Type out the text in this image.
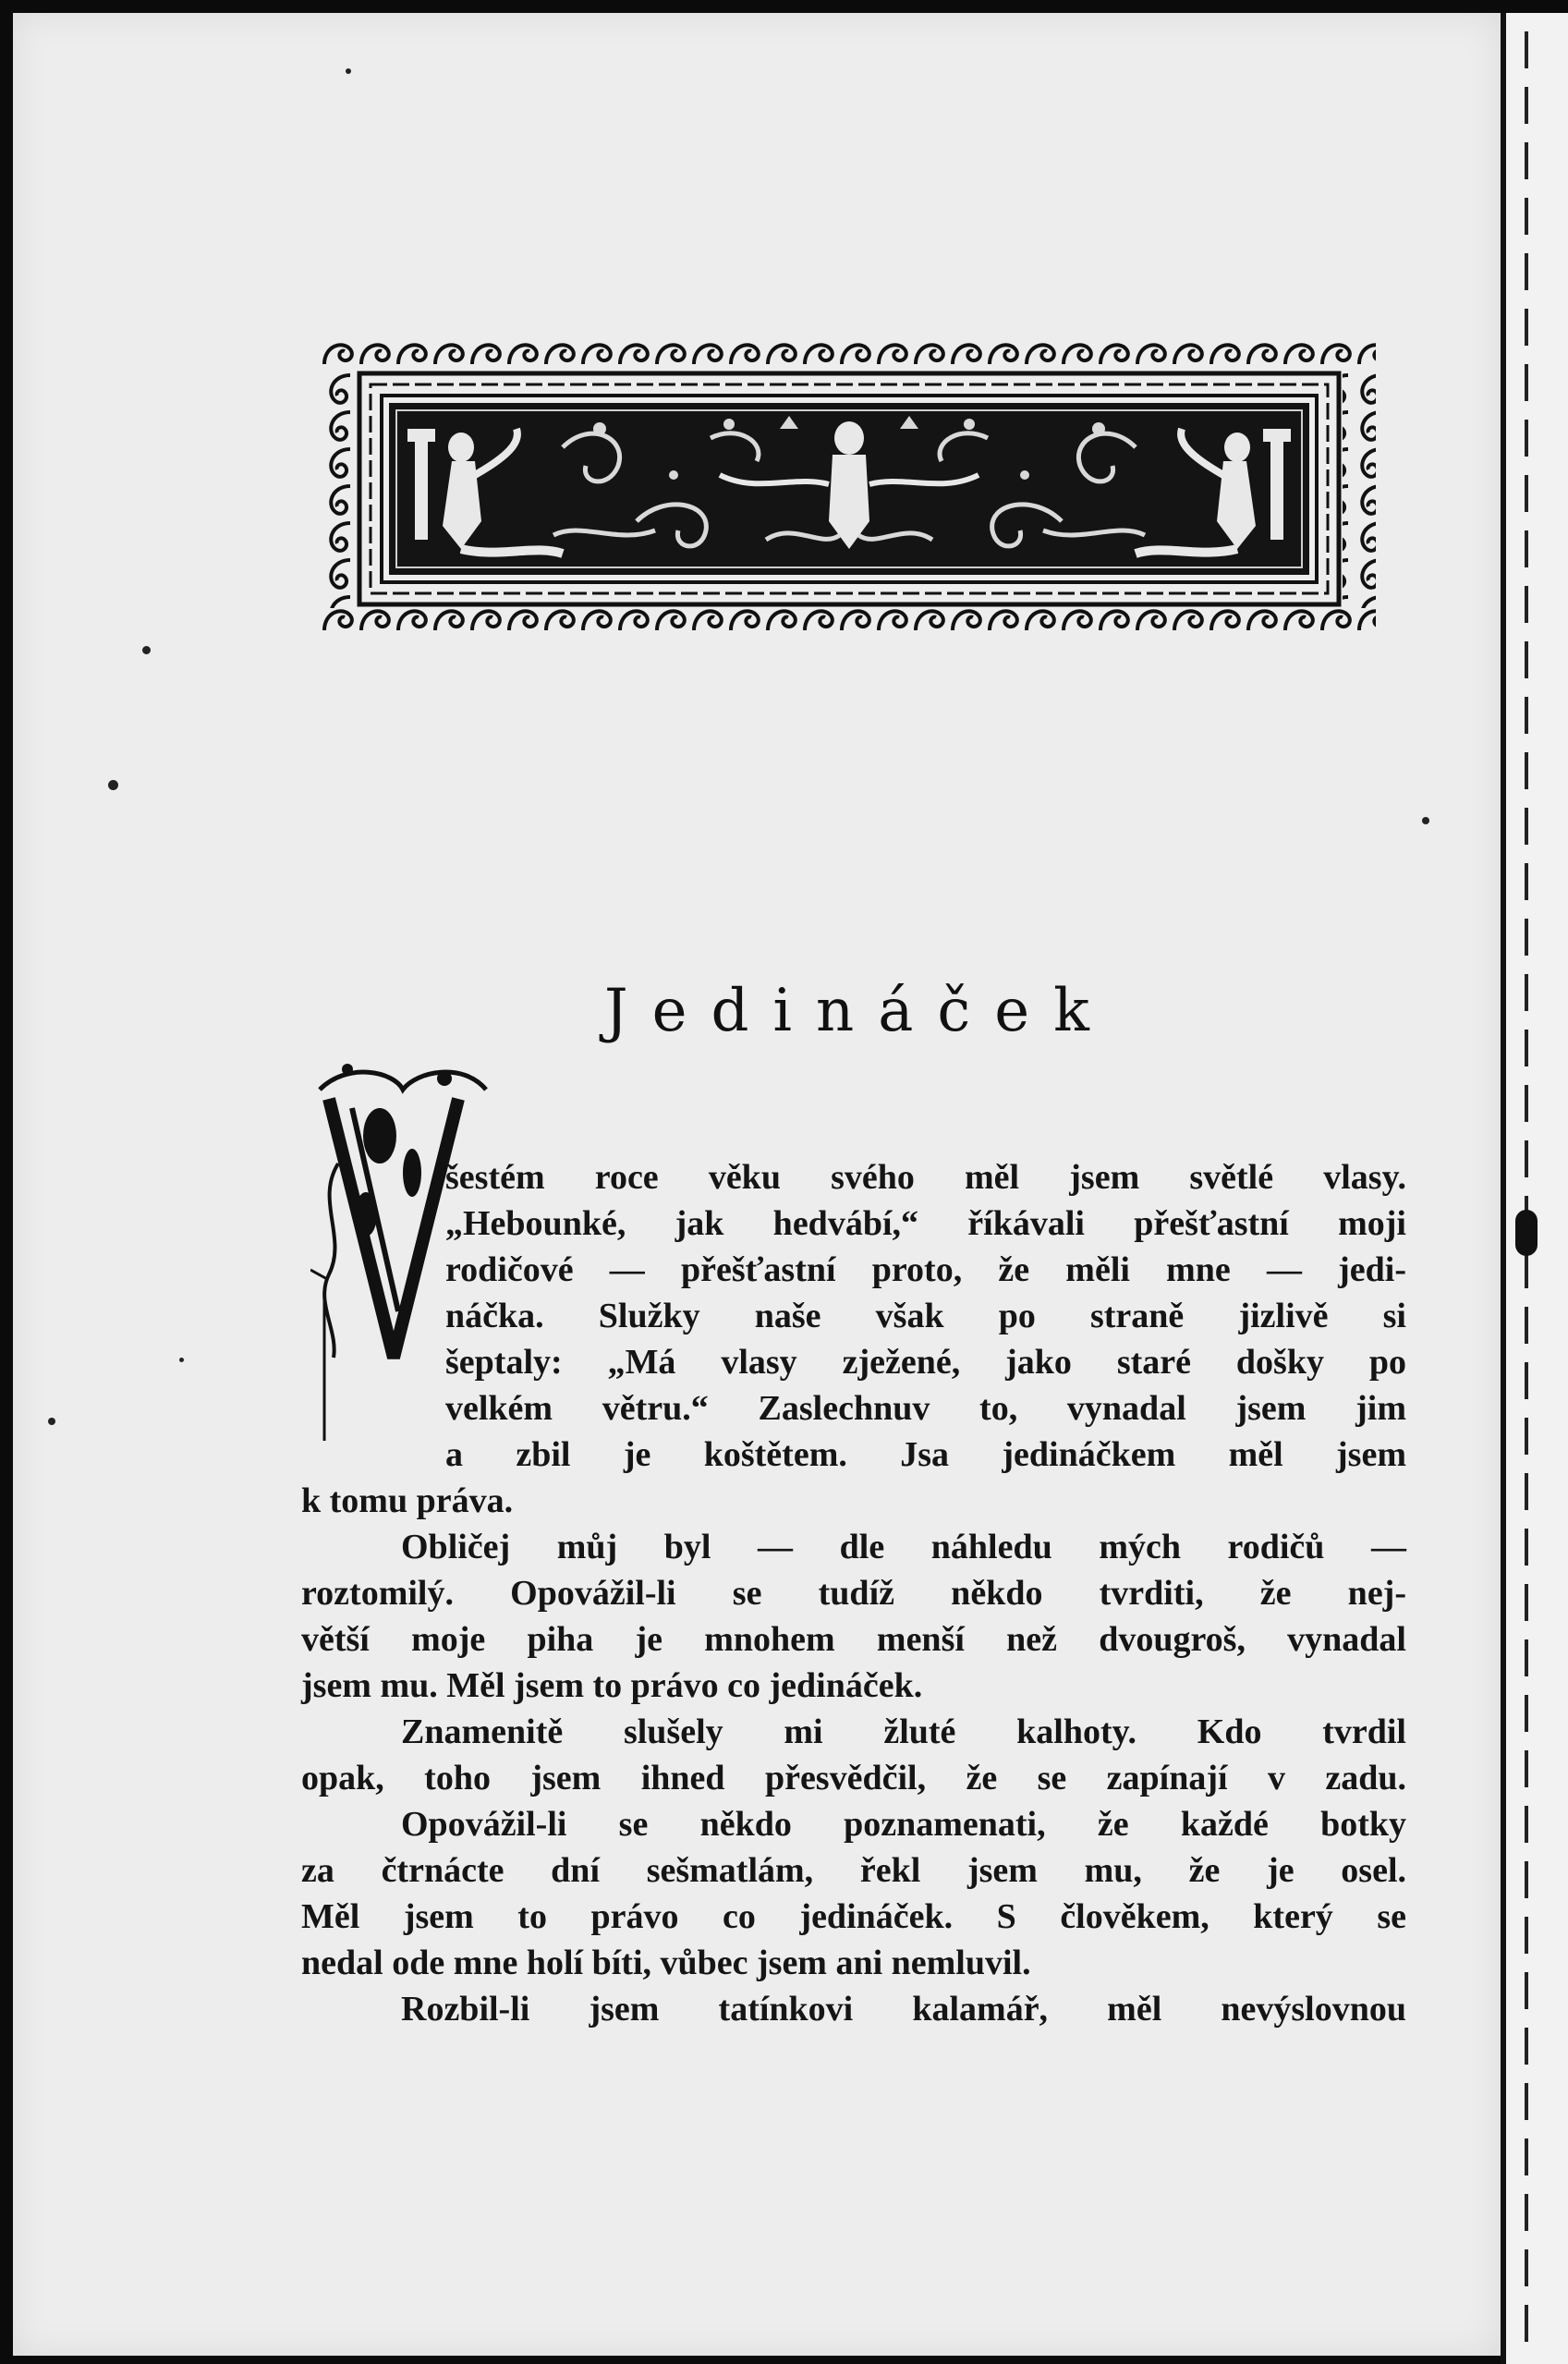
Jedináček

šestém roce věku svého měl jsem světlé vlasy.

„Hebounké, jak hedvábí,“ říkávali přešťastní moji

rodičové — přešťastní proto, že měli mne — jedi-

náčka. Služky naše však po straně jizlivě si

šeptaly: „Má vlasy zježené, jako staré došky po

velkém větru.“ Zaslechnuv to, vynadal jsem jim

a zbil je koštětem. Jsa jedináčkem měl jsem

k tomu práva.

Obličej můj byl — dle náhledu mých rodičů —

roztomilý. Opovážil-li se tudíž někdo tvrditi, že nej-

větší moje piha je mnohem menší než dvougroš, vynadal

jsem mu. Měl jsem to právo co jedináček.

Znamenitě slušely mi žluté kalhoty. Kdo tvrdil

opak, toho jsem ihned přesvědčil, že se zapínají v zadu.

Opovážil-li se někdo poznamenati, že každé botky

za čtrnácte dní sešmatlám, řekl jsem mu, že je osel.

Měl jsem to právo co jedináček. S člověkem, který se

nedal ode mne holí bíti, vůbec jsem ani nemluvil.

Rozbil-li jsem tatínkovi kalamář, měl nevýslovnou
